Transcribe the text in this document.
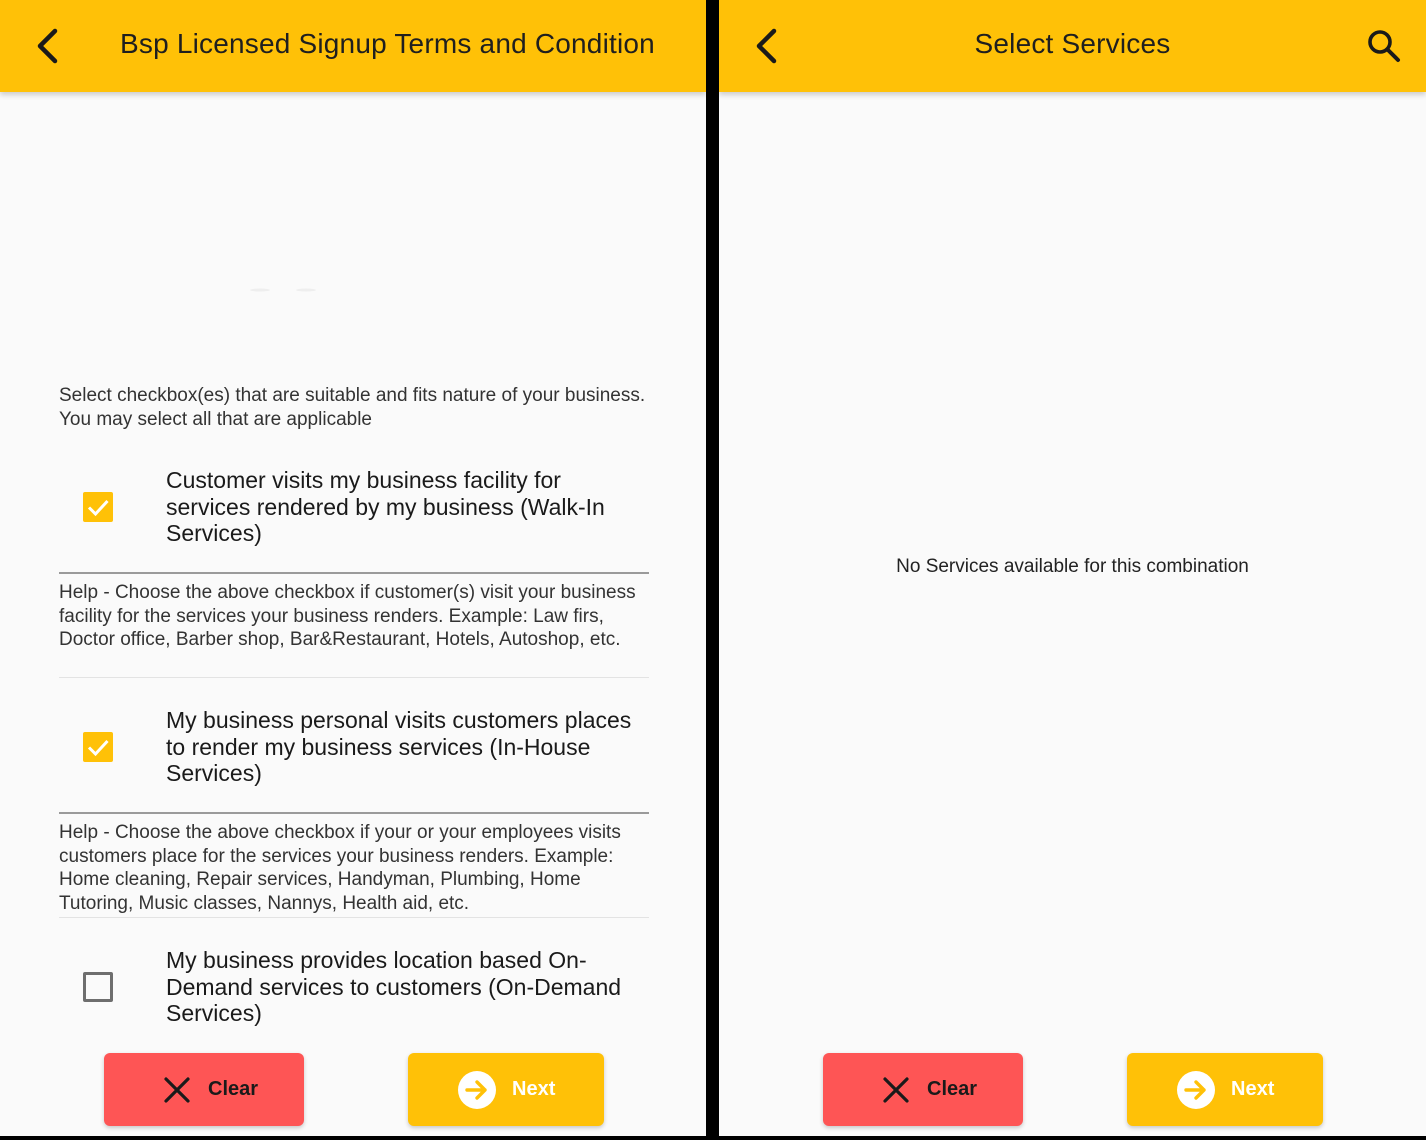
Bsp Licensed Signup Terms and Condition
Select checkbox(es) that are suitable and fits nature of your business. You may select all that are applicable
Customer visits my business facility for services rendered by my business (Walk-In Services)
Help - Choose the above checkbox if customer(s) visit your business facility for the services your business renders. Example: Law firs, Doctor office, Barber shop, Bar&Restaurant, Hotels, Autoshop, etc.
My business personal visits customers places to render my business services (In-House Services)
Help - Choose the above checkbox if your or your employees visits customers place for the services your business renders. Example: Home cleaning, Repair services, Handyman, Plumbing, Home Tutoring, Music classes, Nannys, Health aid, etc.
My business provides location based On-Demand services to customers (On-Demand Services)
Clear	Next
Select Services
No Services available for this combination
Clear	Next
